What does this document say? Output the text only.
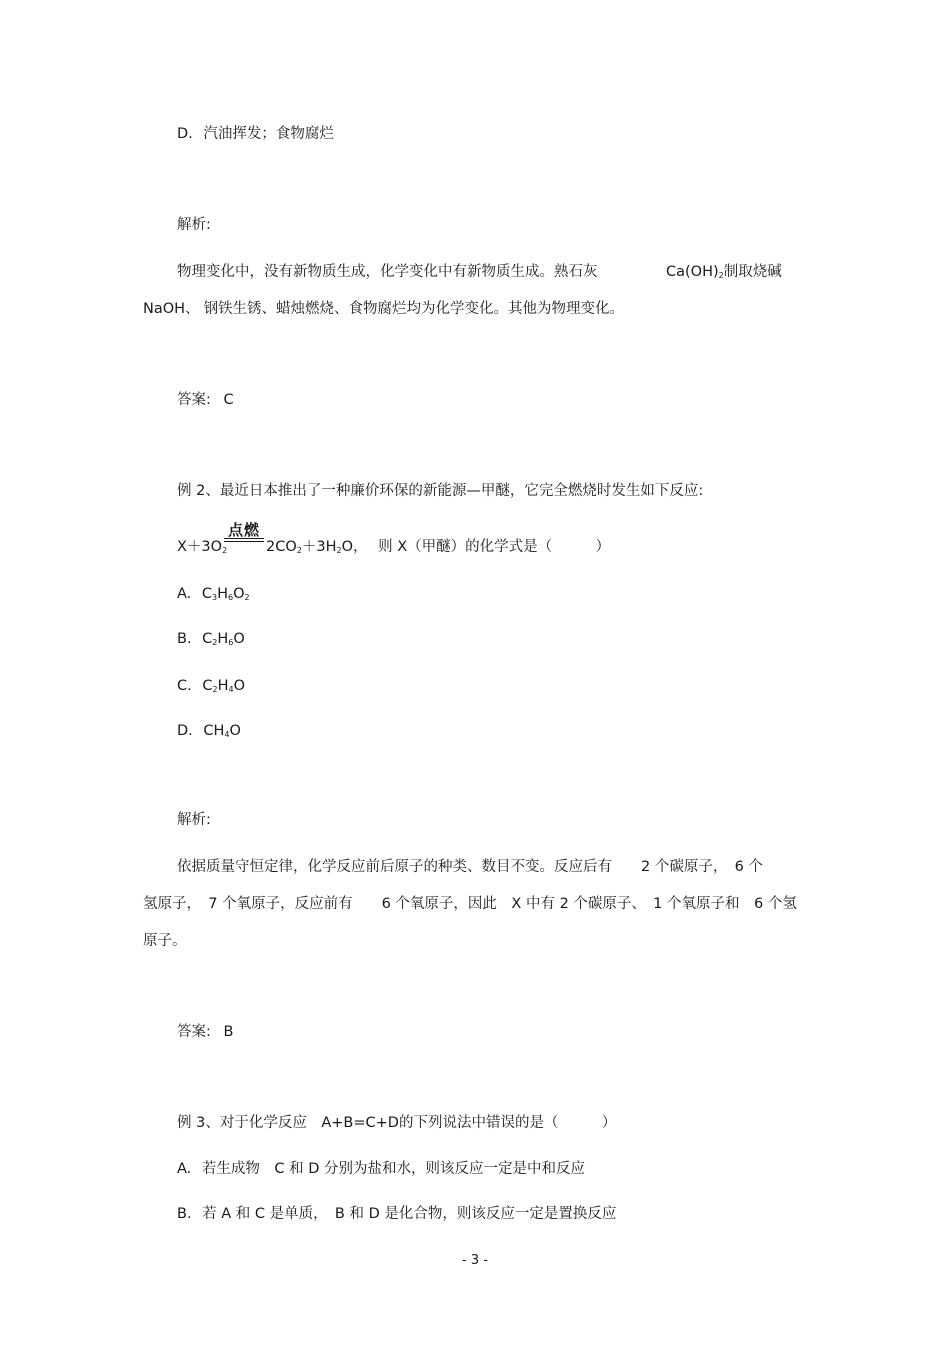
D. 汽油挥发；食物腐烂
解析:
物理变化中，没有新物质生成，化学变化中有新物质生成。熟石灰	$Ca(OH)_2$制取烧碱
NaOH、 钢铁生锈、蜡烛燃烧、食物腐烂均为化学变化。其他为物理变化。
答案: C
例 2、最近日本推出了一种廉价环保的新能源—甲醚，它完全燃烧时发生如下反应:
点燃
$X+3O_2$	$2CO_2+3H_2O$， 则 X（甲醚）的化学式是（　　　）
A. $C_3H_6O_2$
B. $C_2H_6O$
C. $C_2H_4O$
D. $CH_4O$
解析:
依据质量守恒定律，化学反应前后原子的种类、数目不变。反应后有　　2 个碳原子，　6 个
氢原子，　7 个氧原子，反应前有　　6 个氧原子，因此　X 中有 2 个碳原子、　1 个氧原子和　6 个氢
原子。
答案: B
例 3、对于化学反应　A+B=C+D的下列说法中错误的是（　　　）
A. 若生成物　C 和 D 分别为盐和水，则该反应一定是中和反应
B. 若 A 和 C 是单质，　B 和 D 是化合物，则该反应一定是置换反应
- 3 -
